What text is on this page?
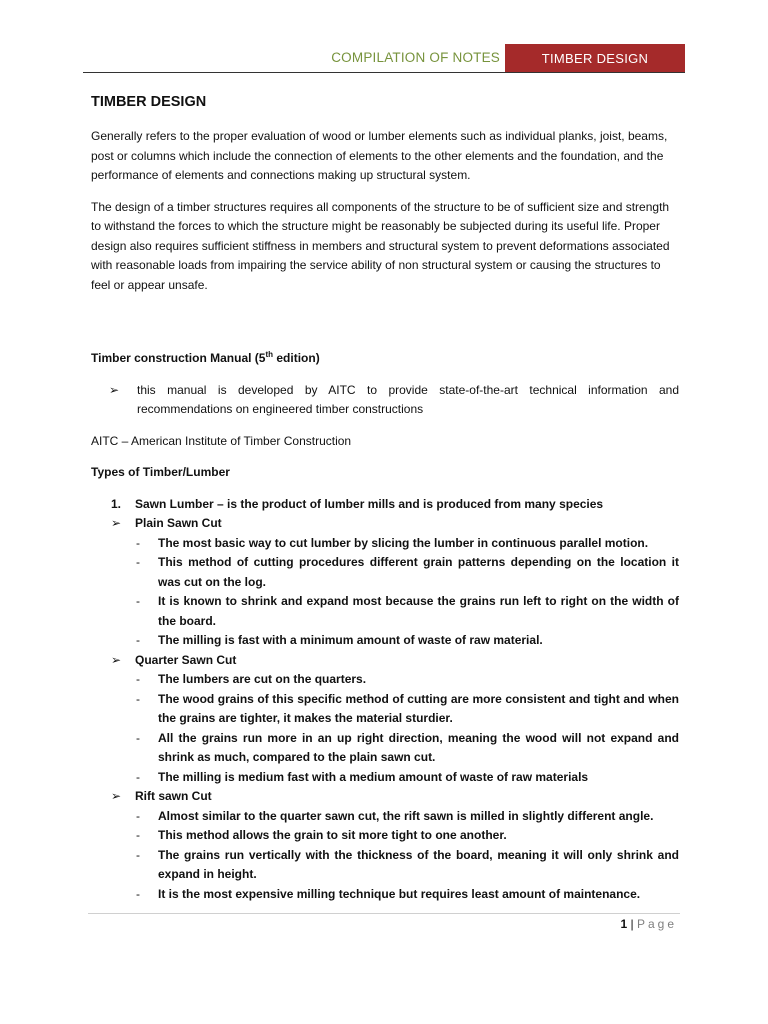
COMPILATION OF NOTES	TIMBER DESIGN
TIMBER DESIGN

Generally refers to the proper evaluation of wood or lumber elements such as individual planks, joist, beams, post or columns which include the connection of elements to the other elements and the foundation, and the performance of elements and connections making up structural system.

The design of a timber structures requires all components of the structure to be of sufficient size and strength to withstand the forces to which the structure might be reasonably be subjected during its useful life. Proper design also requires sufficient stiffness in members and structural system to prevent deformations associated with reasonable loads from impairing the service ability of non structural system or causing the structures to feel or appear unsafe.

Timber construction Manual (5th edition)
➢	this manual is developed by AITC to provide state-of-the-art technical information and recommendations on engineered timber constructions
AITC – American Institute of Timber Construction
Types of Timber/Lumber
1.	Sawn Lumber – is the product of lumber mills and is produced from many species
➢	Plain Sawn Cut
-	The most basic way to cut lumber by slicing the lumber in continuous parallel motion.
-	This method of cutting procedures different grain patterns depending on the location it was cut on the log.
-	It is known to shrink and expand most because the grains run left to right on the width of the board.
-	The milling is fast with a minimum amount of waste of raw material.
➢	Quarter Sawn Cut
-	The lumbers are cut on the quarters.
-	The wood grains of this specific method of cutting are more consistent and tight and when the grains are tighter, it makes the material sturdier.
-	All the grains run more in an up right direction, meaning the wood will not expand and shrink as much, compared to the plain sawn cut.
-	The milling is medium fast with a medium amount of waste of raw materials
➢	Rift sawn Cut
-	Almost similar to the quarter sawn cut, the rift sawn is milled in slightly different angle.
-	This method allows the grain to sit more tight to one another.
-	The grains run vertically with the thickness of the board, meaning it will only shrink and expand in height.
-	It is the most expensive milling technique but requires least amount of maintenance.
1 | Page
